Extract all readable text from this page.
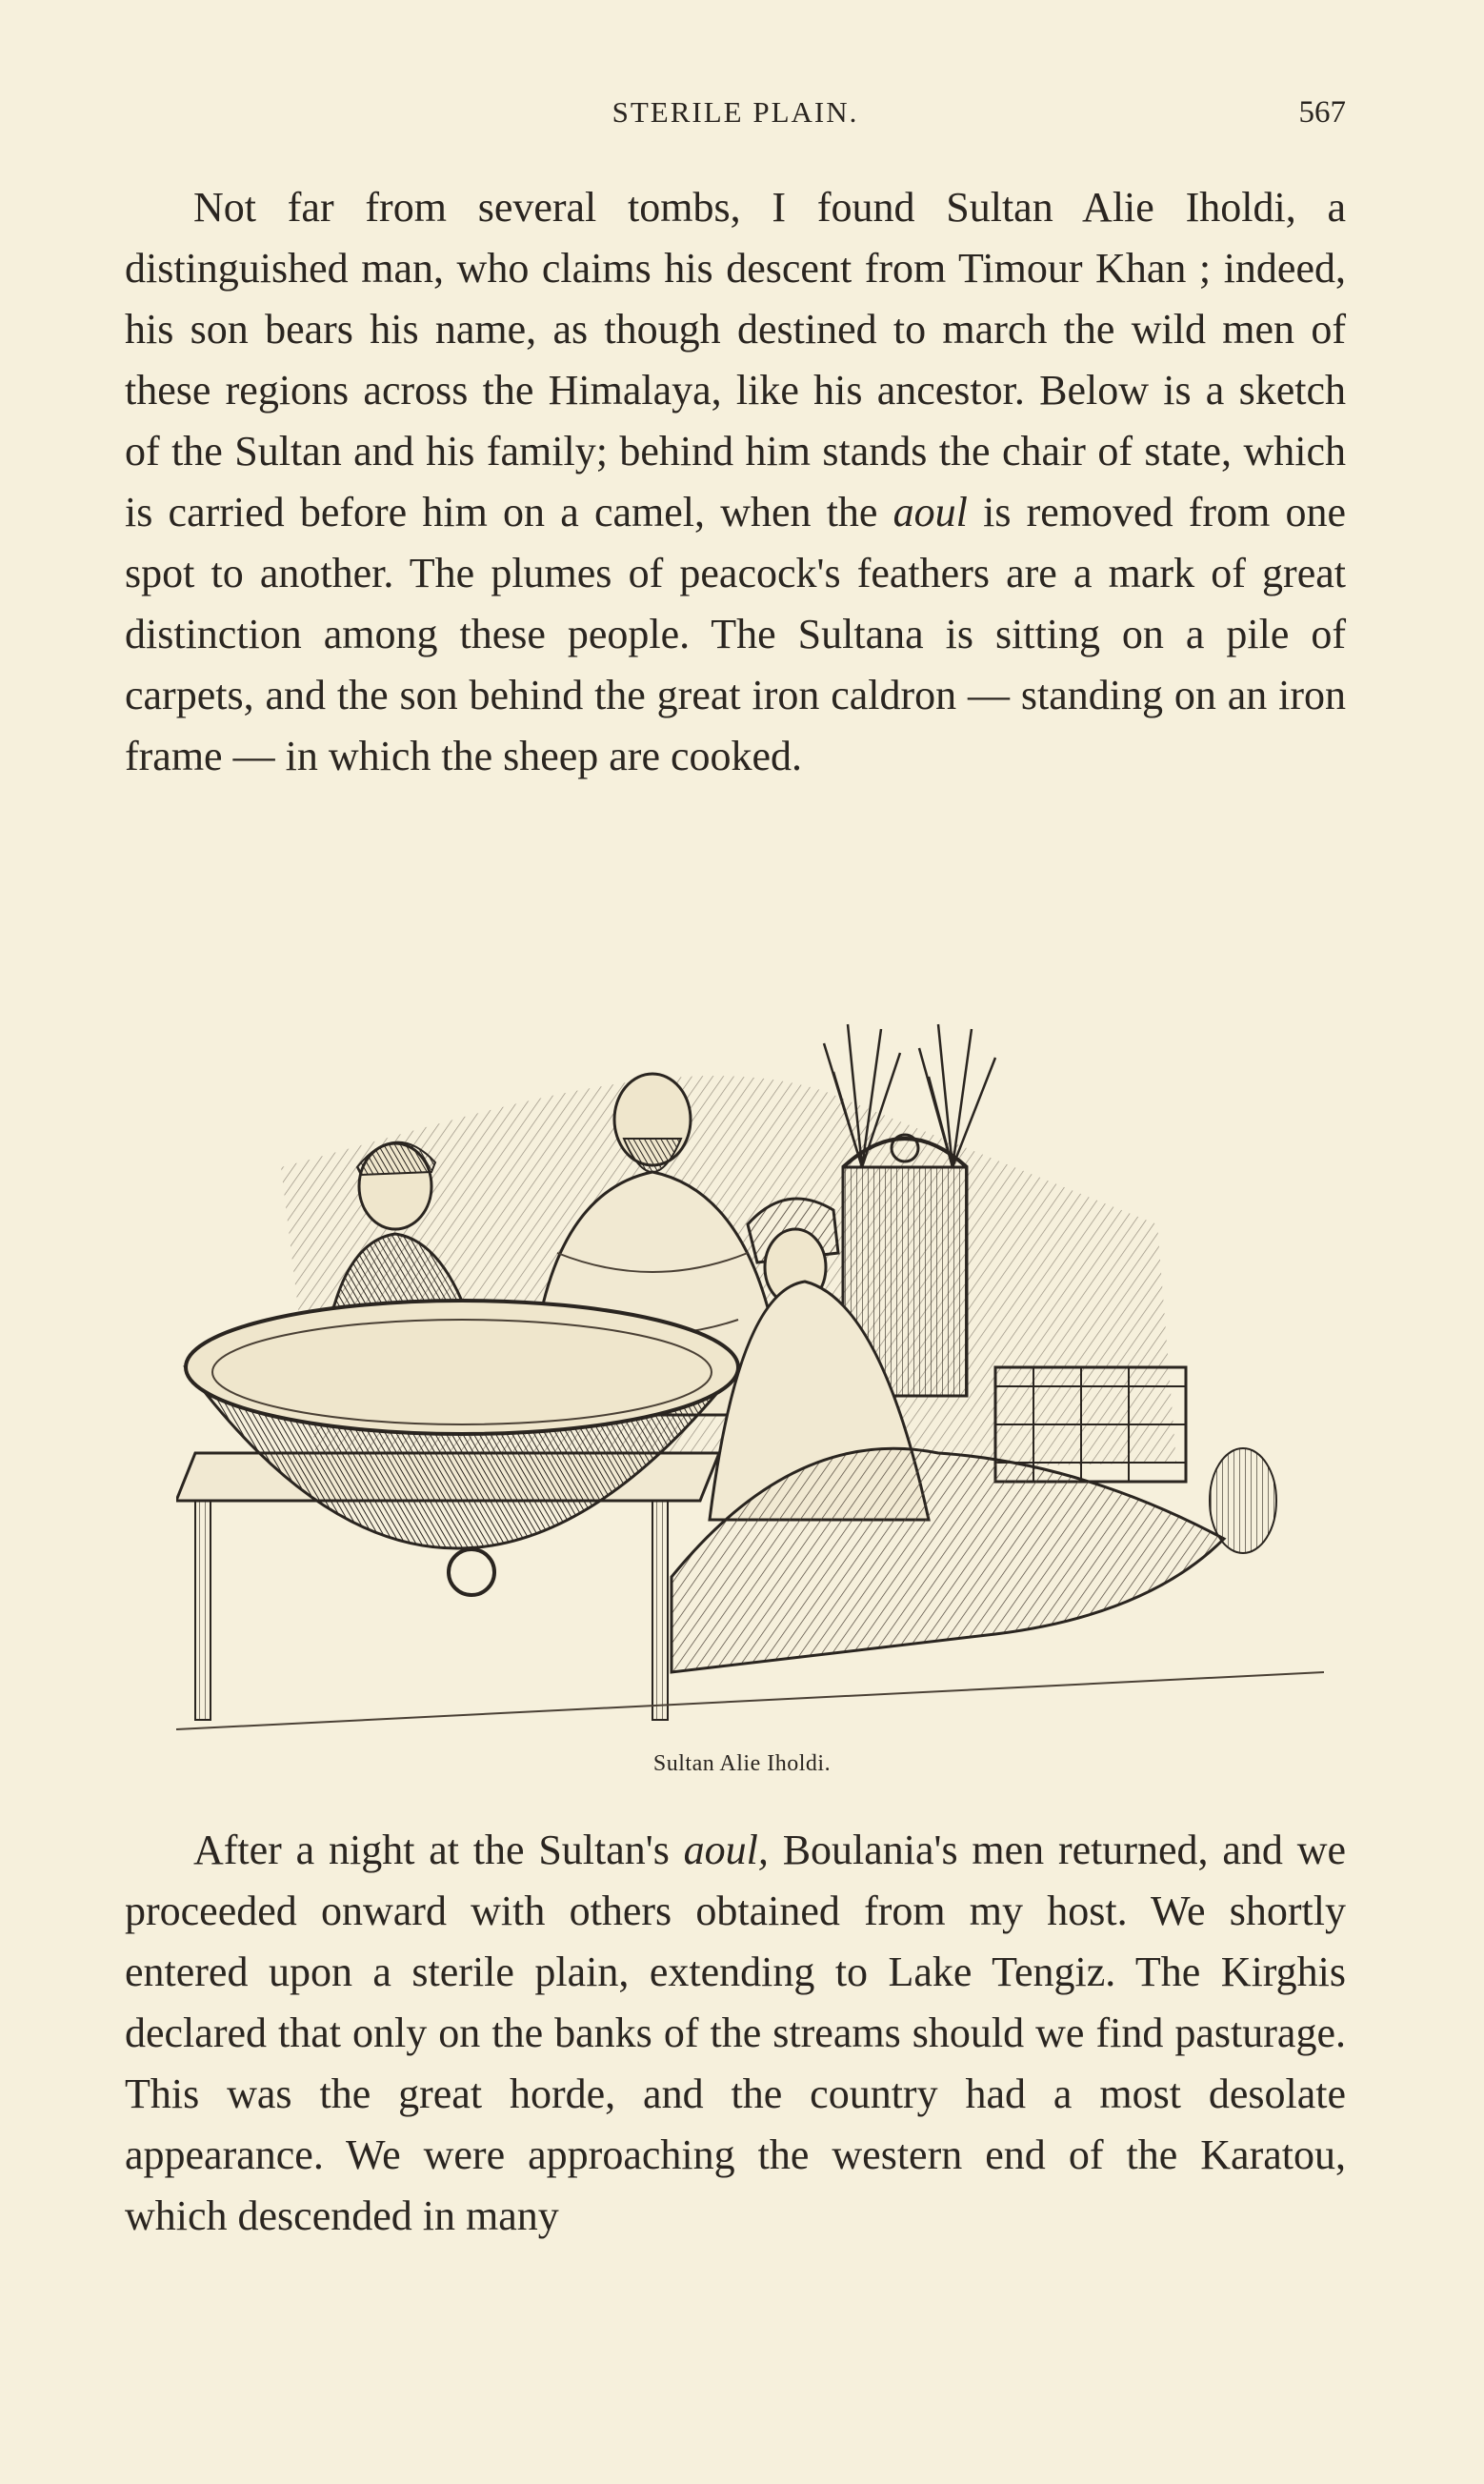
STERILE PLAIN.	567

Not far from several tombs, I found Sultan Alie Iholdi, a distinguished man, who claims his descent from Timour Khan ; indeed, his son bears his name, as though destined to march the wild men of these regions across the Himalaya, like his ancestor. Below is a sketch of the Sultan and his family; behind him stands the chair of state, which is carried before him on a camel, when the aoul is removed from one spot to another. The plumes of peacock's feathers are a mark of great distinction among these people. The Sultana is sitting on a pile of carpets, and the son behind the great iron caldron — standing on an iron frame — in which the sheep are cooked.

Sultan Alie Iholdi.

After a night at the Sultan's aoul, Boulania's men returned, and we proceeded onward with others obtained from my host. We shortly entered upon a sterile plain, extending to Lake Tengiz. The Kirghis declared that only on the banks of the streams should we find pasturage. This was the great horde, and the country had a most desolate appearance. We were approaching the western end of the Karatou, which descended in many
